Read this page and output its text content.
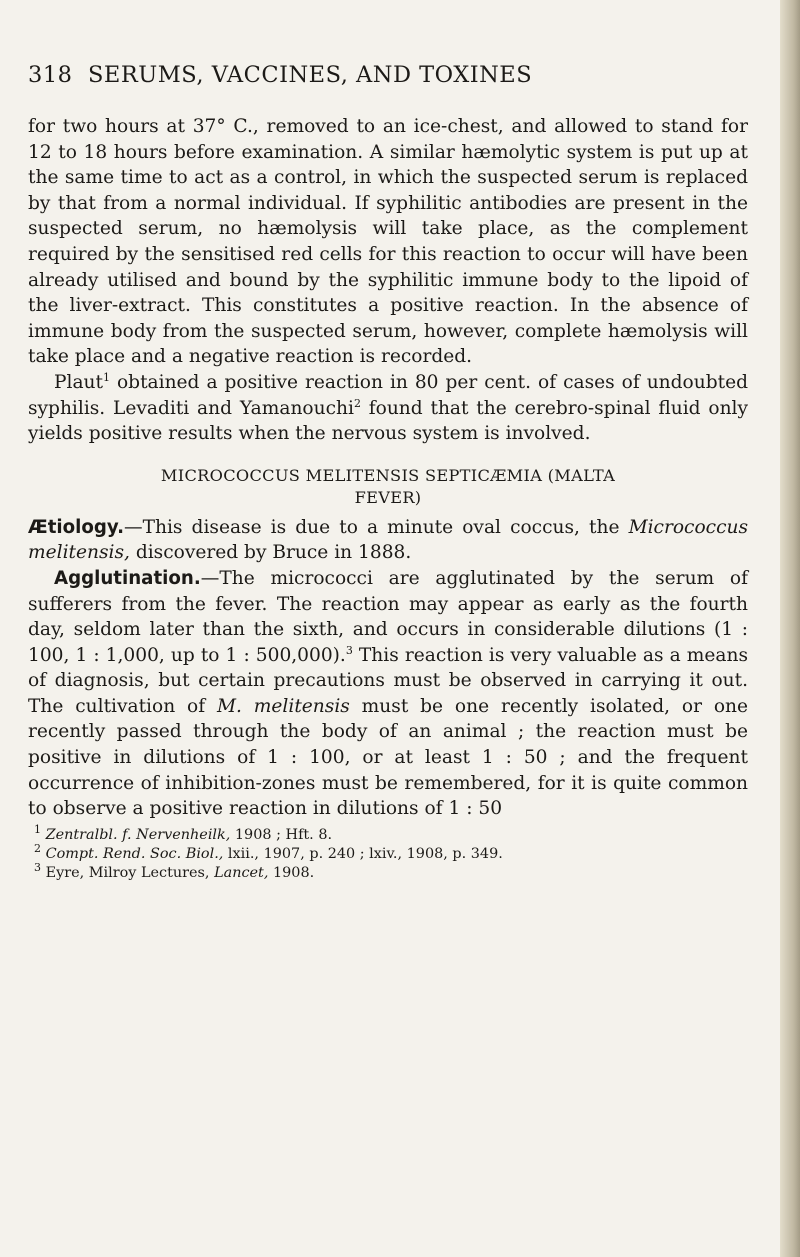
318 SERUMS, VACCINES, AND TOXINES

for two hours at 37° C., removed to an ice-chest, and allowed to stand for 12 to 18 hours before examination. A similar hæmolytic system is put up at the same time to act as a control, in which the suspected serum is replaced by that from a normal individual. If syphilitic antibodies are present in the suspected serum, no hæmolysis will take place, as the complement required by the sensitised red cells for this reaction to occur will have been already utilised and bound by the syphilitic immune body to the lipoid of the liver-extract. This constitutes a positive reaction. In the absence of immune body from the suspected serum, however, complete hæmolysis will take place and a negative reaction is recorded.

Plaut$^1$ obtained a positive reaction in 80 per cent. of cases of undoubted syphilis. Levaditi and Yamanouchi$^2$ found that the cerebro-spinal fluid only yields positive results when the nervous system is involved.

MICROCOCCUS MELITENSIS SEPTICÆMIA (MALTA
FEVER)

Ætiology.—This disease is due to a minute oval coccus, the Micrococcus melitensis, discovered by Bruce in 1888.

Agglutination.—The micrococci are agglutinated by the serum of sufferers from the fever. The reaction may appear as early as the fourth day, seldom later than the sixth, and occurs in considerable dilutions (1 : 100, 1 : 1,000, up to 1 : 500,000).$^3$ This reaction is very valuable as a means of diagnosis, but certain precautions must be observed in carrying it out. The cultivation of M. melitensis must be one recently isolated, or one recently passed through the body of an animal ; the reaction must be positive in dilutions of 1 : 100, or at least 1 : 50 ; and the frequent occurrence of inhibition-zones must be remembered, for it is quite common to observe a positive reaction in dilutions of 1 : 50

$^1$ Zentralbl. f. Nervenheilk, 1908 ; Hft. 8.
$^2$ Compt. Rend. Soc. Biol., lxii., 1907, p. 240 ; lxiv., 1908, p. 349.
$^3$ Eyre, Milroy Lectures, Lancet, 1908.
